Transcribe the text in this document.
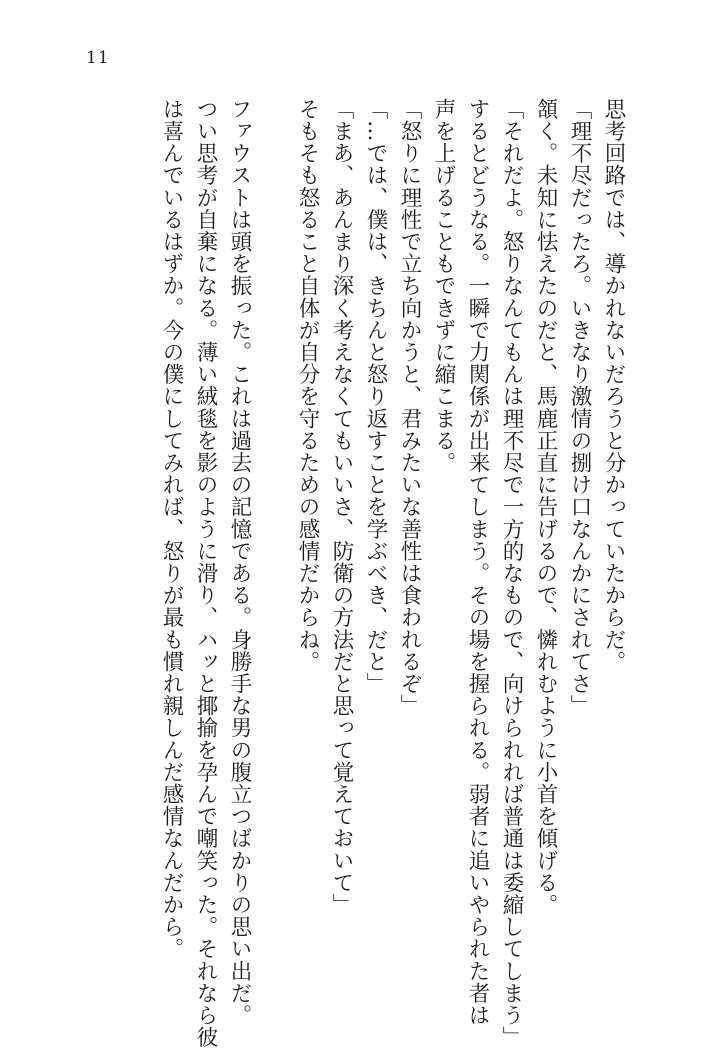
11
思考回路では、導かれないだろうと分かっていたからだ。
「理不尽だったろ。いきなり激情の捌け口なんかにされてさ」
頷く。未知に怯えたのだと、馬鹿正直に告げるので、憐れむように小首を傾げる。
「それだよ。怒りなんてもんは理不尽で一方的なもので、向けられれば普通は委縮してしまう」
するとどうなる。一瞬で力関係が出来てしまう。その場を握られる。弱者に追いやられた者は
声を上げることもできずに縮こまる。
「怒りに理性で立ち向かうと、君みたいな善性は食われるぞ」
「…では、僕は、きちんと怒り返すことを学ぶべき、だと」
「まあ、あんまり深く考えなくてもいいさ、防衛の方法だと思って覚えておいて」
そもそも怒ること自体が自分を守るための感情だからね。

ファウストは頭を振った。これは過去の記憶である。身勝手な男の腹立つばかりの思い出だ。
つい思考が自棄になる。薄い絨毯を影のように滑り、ハッと揶揄を孕んで嘲笑った。それなら彼
は喜んでいるはずか。今の僕にしてみれば、怒りが最も慣れ親しんだ感情なんだから。
